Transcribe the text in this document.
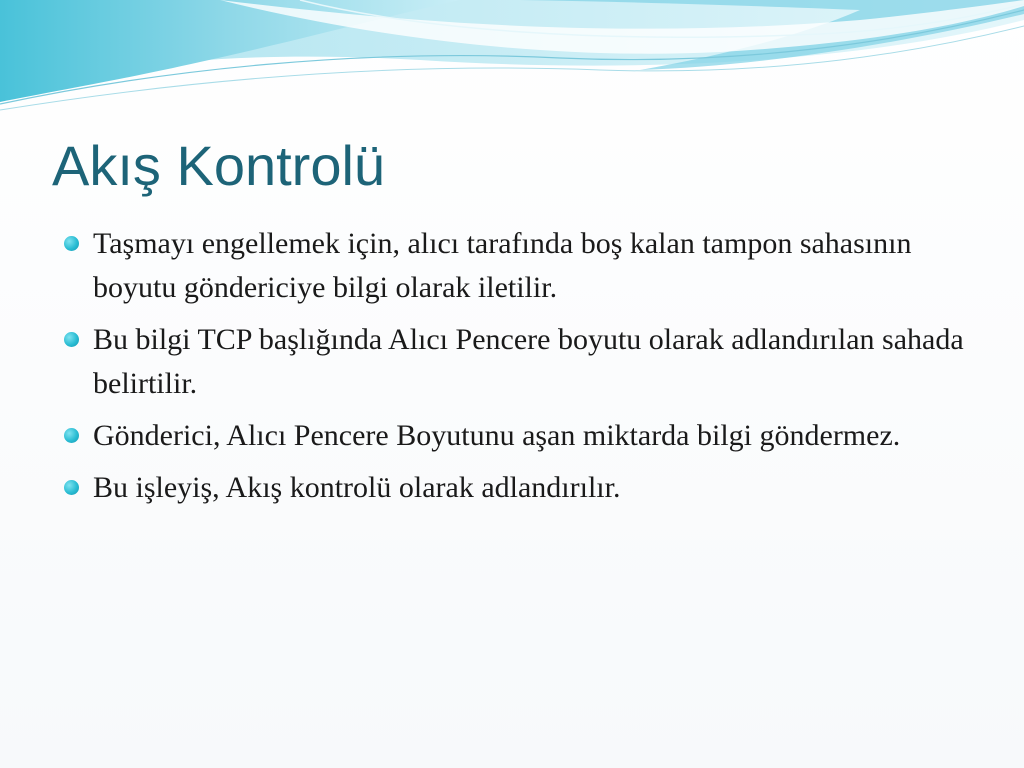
Akış Kontrolü
Taşmayı engellemek için, alıcı tarafında boş kalan tampon sahasının boyutu göndericiye bilgi olarak iletilir.
Bu bilgi TCP başlığında Alıcı Pencere boyutu olarak adlandırılan sahada belirtilir.
Gönderici, Alıcı Pencere Boyutunu aşan miktarda bilgi göndermez.
Bu işleyiş, Akış kontrolü olarak adlandırılır.
